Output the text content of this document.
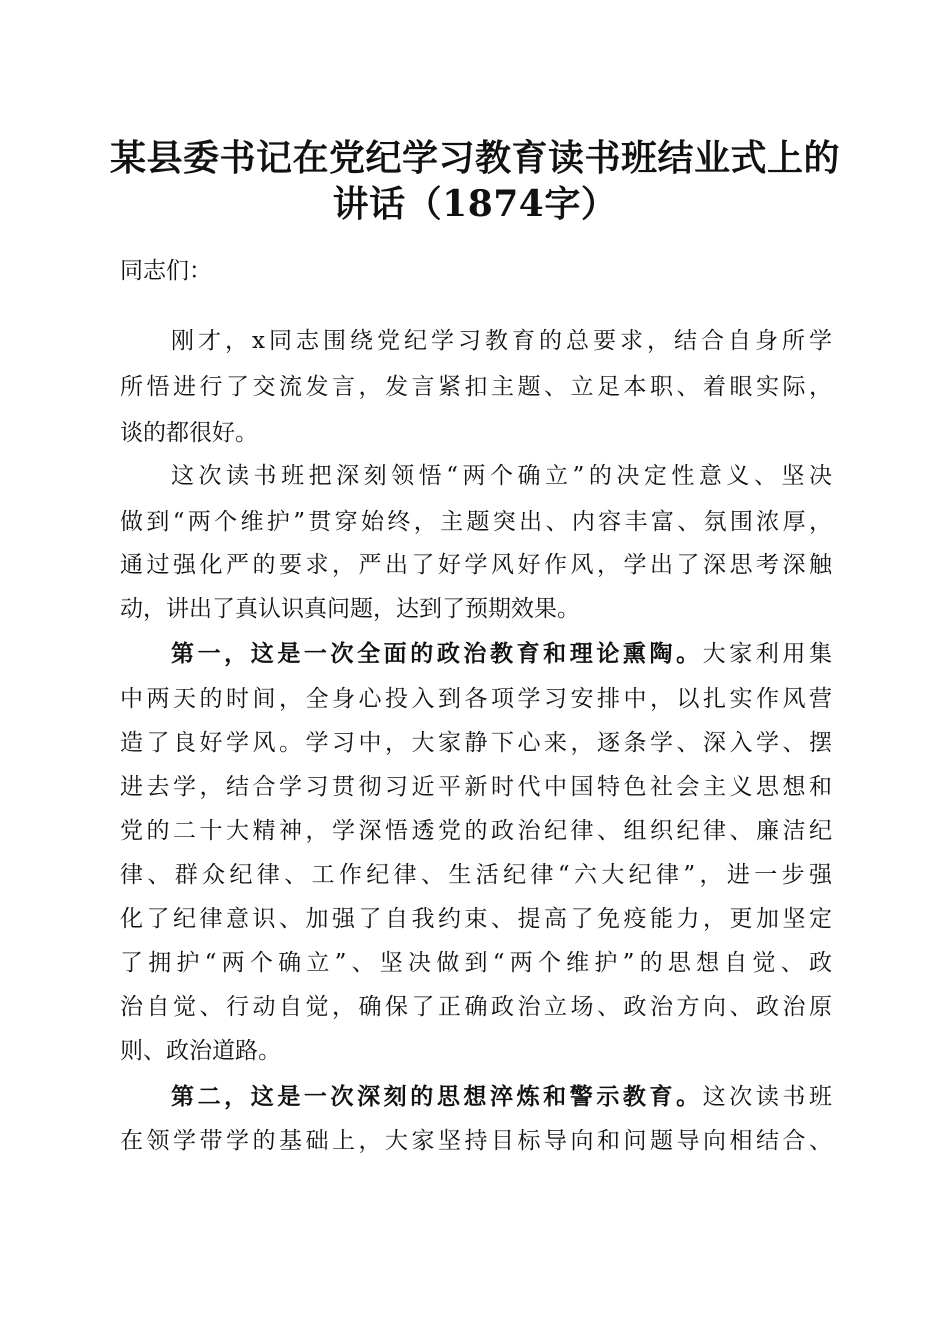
某县委书记在党纪学习教育读书班结业式上的
讲话（1874字）
同志们：
刚才，x同志围绕党纪学习教育的总要求，结合自身所学
所悟进行了交流发言，发言紧扣主题、立足本职、着眼实际，
谈的都很好。
这次读书班把深刻领悟“两个确立”的决定性意义、坚决
做到“两个维护”贯穿始终，主题突出、内容丰富、氛围浓厚，
通过强化严的要求，严出了好学风好作风，学出了深思考深触
动，讲出了真认识真问题，达到了预期效果。
第一，这是一次全面的政治教育和理论熏陶。大家利用集
中两天的时间，全身心投入到各项学习安排中，以扎实作风营
造了良好学风。学习中，大家静下心来，逐条学、深入学、摆
进去学，结合学习贯彻习近平新时代中国特色社会主义思想和
党的二十大精神，学深悟透党的政治纪律、组织纪律、廉洁纪
律、群众纪律、工作纪律、生活纪律“六大纪律”，进一步强
化了纪律意识、加强了自我约束、提高了免疫能力，更加坚定
了拥护“两个确立”、坚决做到“两个维护”的思想自觉、政
治自觉、行动自觉，确保了正确政治立场、政治方向、政治原
则、政治道路。
第二，这是一次深刻的思想淬炼和警示教育。这次读书班
在领学带学的基础上，大家坚持目标导向和问题导向相结合、
